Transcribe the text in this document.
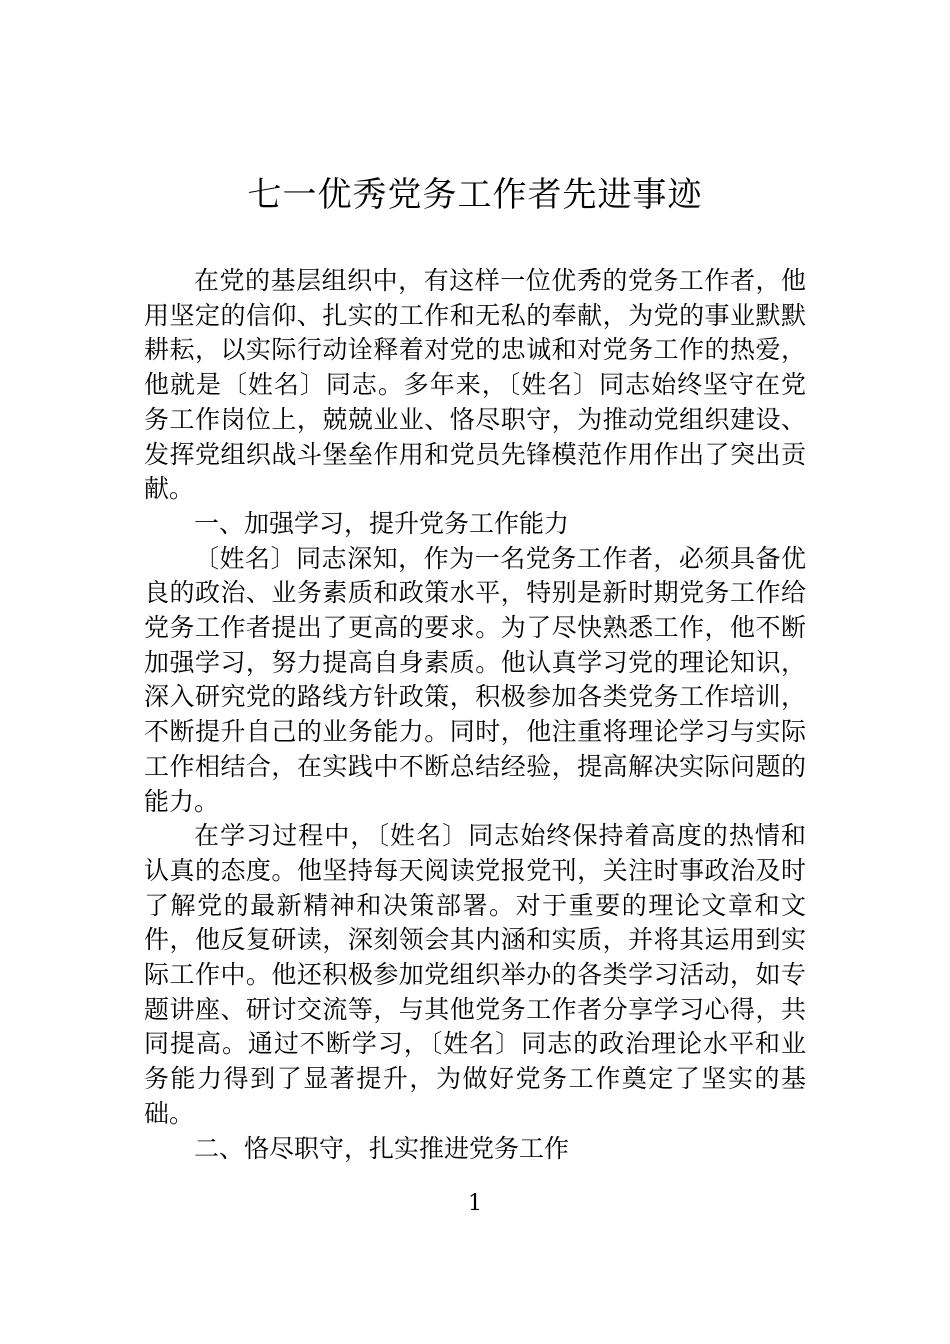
七一优秀党务工作者先进事迹

在党的基层组织中，有这样一位优秀的党务工作者，他用坚定的信仰、扎实的工作和无私的奉献，为党的事业默默耕耘，以实际行动诠释着对党的忠诚和对党务工作的热爱，他就是〔姓名〕同志。多年来，〔姓名〕同志始终坚守在党务工作岗位上，兢兢业业、恪尽职守，为推动党组织建设、发挥党组织战斗堡垒作用和党员先锋模范作用作出了突出贡献。

一、加强学习，提升党务工作能力

〔姓名〕同志深知，作为一名党务工作者，必须具备优良的政治、业务素质和政策水平，特别是新时期党务工作给党务工作者提出了更高的要求。为了尽快熟悉工作，他不断加强学习，努力提高自身素质。他认真学习党的理论知识，深入研究党的路线方针政策，积极参加各类党务工作培训，不断提升自己的业务能力。同时，他注重将理论学习与实际工作相结合，在实践中不断总结经验，提高解决实际问题的能力。

在学习过程中，〔姓名〕同志始终保持着高度的热情和认真的态度。他坚持每天阅读党报党刊，关注时事政治及时了解党的最新精神和决策部署。对于重要的理论文章和文件，他反复研读，深刻领会其内涵和实质，并将其运用到实际工作中。他还积极参加党组织举办的各类学习活动，如专题讲座、研讨交流等，与其他党务工作者分享学习心得，共同提高。通过不断学习，〔姓名〕同志的政治理论水平和业务能力得到了显著提升，为做好党务工作奠定了坚实的基础。

二、恪尽职守，扎实推进党务工作

1
